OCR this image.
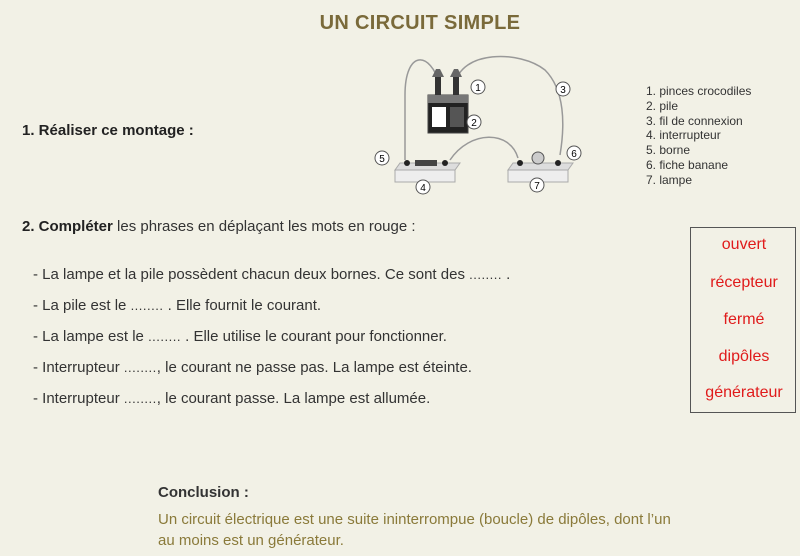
UN CIRCUIT SIMPLE
1. Réaliser ce montage :
1
2
3
4
5	6
7
1. pinces crocodiles
2. pile
3. fil de connexion
4. interrupteur
5. borne
6. fiche banane
7. lampe
2. Compléter les phrases en déplaçant les mots en rouge :
- La lampe et la pile possèdent chacun deux bornes. Ce sont des ........ .
- La pile est le ........ . Elle fournit le courant.
- La lampe est le ........ . Elle utilise le courant pour fonctionner.
- Interrupteur ........, le courant ne passe pas. La lampe est éteinte.
- Interrupteur ........, le courant passe. La lampe est allumée.
ouvert
récepteur
fermé
dipôles
générateur
Conclusion :
Un circuit électrique est une suite ininterrompue (boucle) de dipôles, dont l’un au moins est un générateur.
